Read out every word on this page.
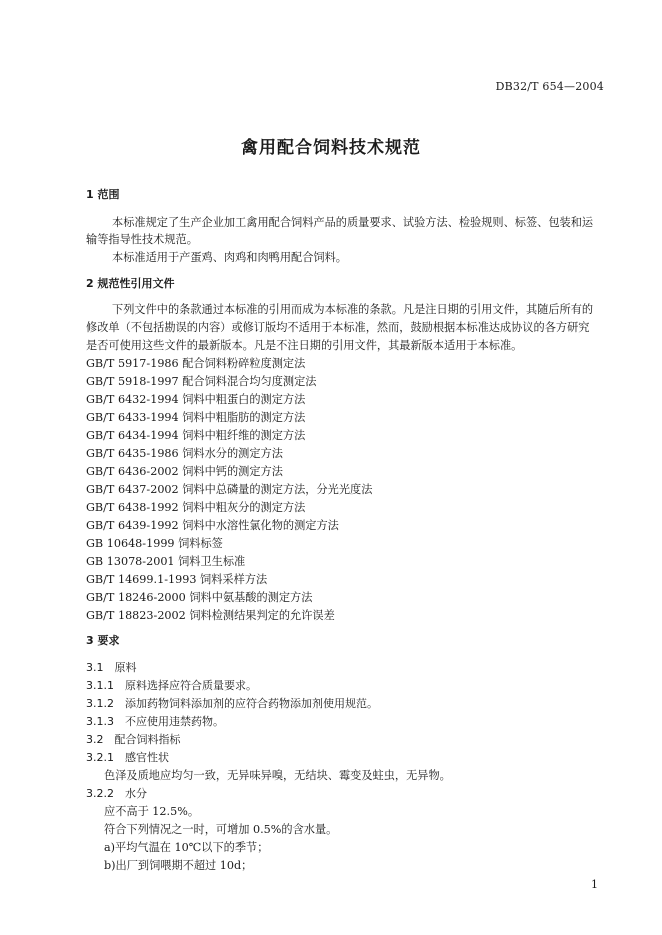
DB32/T 654—2004
禽用配合饲料技术规范
1 范围
本标准规定了生产企业加工禽用配合饲料产品的质量要求、试验方法、检验规则、标签、包装和运
输等指导性技术规范。
本标准适用于产蛋鸡、肉鸡和肉鸭用配合饲料。
2 规范性引用文件
下列文件中的条款通过本标准的引用而成为本标准的条款。凡是注日期的引用文件，其随后所有的
修改单（不包括勘误的内容）或修订版均不适用于本标准，然而，鼓励根据本标准达成协议的各方研究
是否可使用这些文件的最新版本。凡是不注日期的引用文件，其最新版本适用于本标准。
GB/T 5917-1986 配合饲料粉碎粒度测定法
GB/T 5918-1997 配合饲料混合均匀度测定法
GB/T 6432-1994 饲料中粗蛋白的测定方法
GB/T 6433-1994 饲料中粗脂肪的测定方法
GB/T 6434-1994 饲料中粗纤维的测定方法
GB/T 6435-1986 饲料水分的测定方法
GB/T 6436-2002 饲料中钙的测定方法
GB/T 6437-2002 饲料中总磷量的测定方法，分光光度法
GB/T 6438-1992 饲料中粗灰分的测定方法
GB/T 6439-1992 饲料中水溶性氯化物的测定方法
GB 10648-1999 饲料标签
GB 13078-2001 饲料卫生标准
GB/T 14699.1-1993 饲料采样方法
GB/T 18246-2000 饲料中氨基酸的测定方法
GB/T 18823-2002 饲料检测结果判定的允许误差
3 要求
3.1　原料
3.1.1　原料选择应符合质量要求。
3.1.2　添加药物饲料添加剂的应符合药物添加剂使用规范。
3.1.3　不应使用违禁药物。
3.2　配合饲料指标
3.2.1　感官性状
色泽及质地应均匀一致，无异味异嗅，无结块、霉变及蛀虫，无异物。
3.2.2　水分
应不高于 12.5%。
符合下列情况之一时，可增加 0.5%的含水量。
a)平均气温在 10℃以下的季节；
b)出厂到饲喂期不超过 10d；
1
